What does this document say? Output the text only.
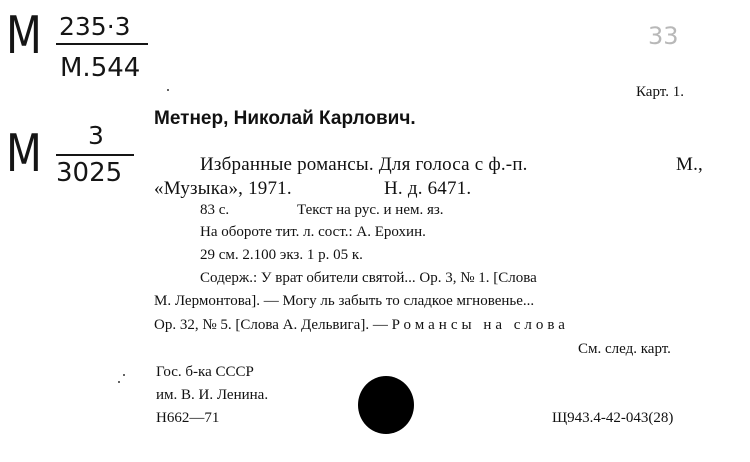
М 235·3
М.544
М 3
3025
33
Карт. 1.
Метнер, Николай Карлович.
Избранные романсы. Для голоса с ф.-п.	М.,
«Музыка», 1971.	Н. д. 6471.
83 с.	Текст на рус. и нем. яз.
На обороте тит. л. сост.: А. Ерохин.
29 см. 2.100 экз. 1 р. 05 к.
Содерж.: У врат обители святой... Ор. 3, № 1. [Слова
М. Лермонтова]. — Могу ль забыть то сладкое мгновенье...
Ор. 32, № 5. [Слова А. Дельвига]. — Романсы на слова
См. след. карт.
Гос. б-ка СССР
им. В. И. Ленина.
Н662—71	Щ943.4-42-043(28)
